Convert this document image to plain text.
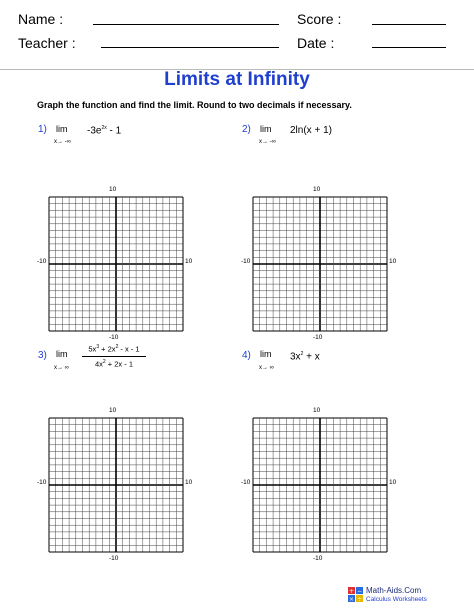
Name :	Score :
Teacher :	Date :
Limits at Infinity
Graph the function and find the limit. Round to two decimals if necessary.
1) lim
x→ -∞
$-3e^{2x} - 1$	2) lim
x→ -∞
2ln(x + 1)
3) lim
x→ ∞
$5x^3 + 2x^2 - x - 1$
$4x^2 + 2x - 1$
4) lim
x→ ∞
$3x^2 + x$
10
-10
-10	10
10
-10
-10	10
10
-10
-10	10
10
-10
-10	10
+ −
× ÷
Math-Aids.Com
Calculus Worksheets
